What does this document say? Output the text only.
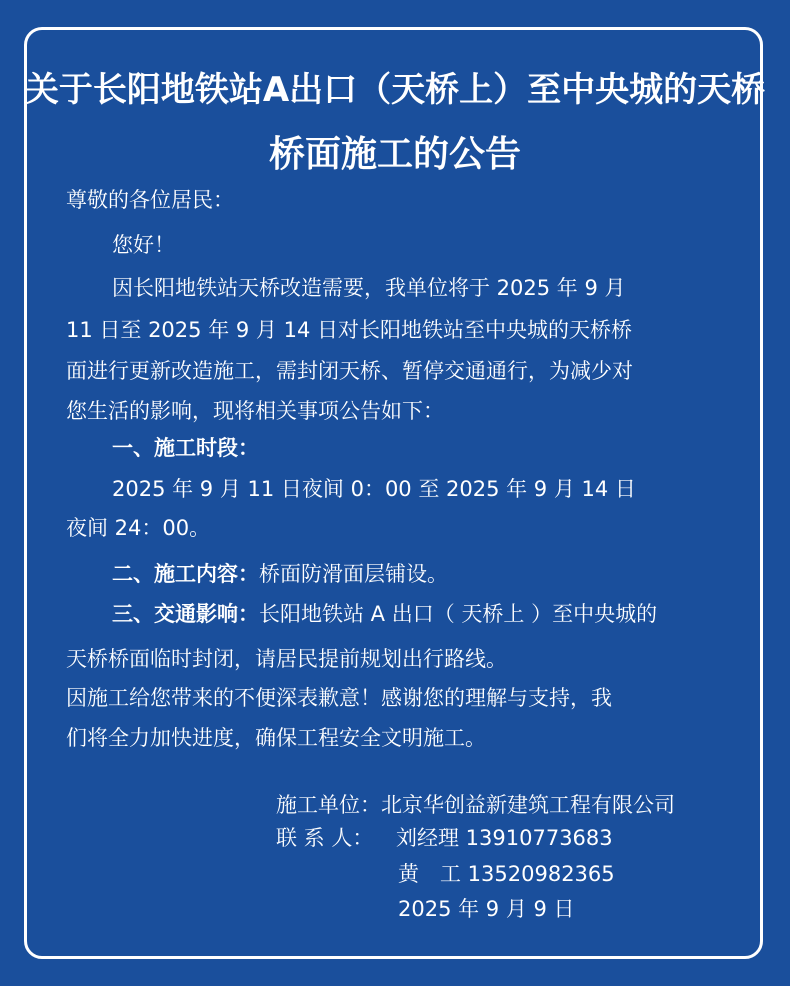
关于长阳地铁站A出口（天桥上）至中央城的天桥
桥面施工的公告
尊敬的各位居民：
您好！
因长阳地铁站天桥改造需要，我单位将于 2025 年 9 月
11 日至 2025 年 9 月 14 日对长阳地铁站至中央城的天桥桥
面进行更新改造施工，需封闭天桥、暂停交通通行，为减少对
您生活的影响，现将相关事项公告如下：
一、施工时段：
2025 年 9 月 11 日夜间 0：00 至 2025 年 9 月 14 日
夜间 24：00。
二、施工内容：桥面防滑面层铺设。
三、交通影响：长阳地铁站 A 出口（ 天桥上 ）至中央城的
天桥桥面临时封闭，请居民提前规划出行路线。
因施工给您带来的不便深表歉意！感谢您的理解与支持，我
们将全力加快进度，确保工程安全文明施工。
施工单位：北京华创益新建筑工程有限公司
联 系 人： 刘经理 13910773683
黄　工 13520982365
2025 年 9 月 9 日
